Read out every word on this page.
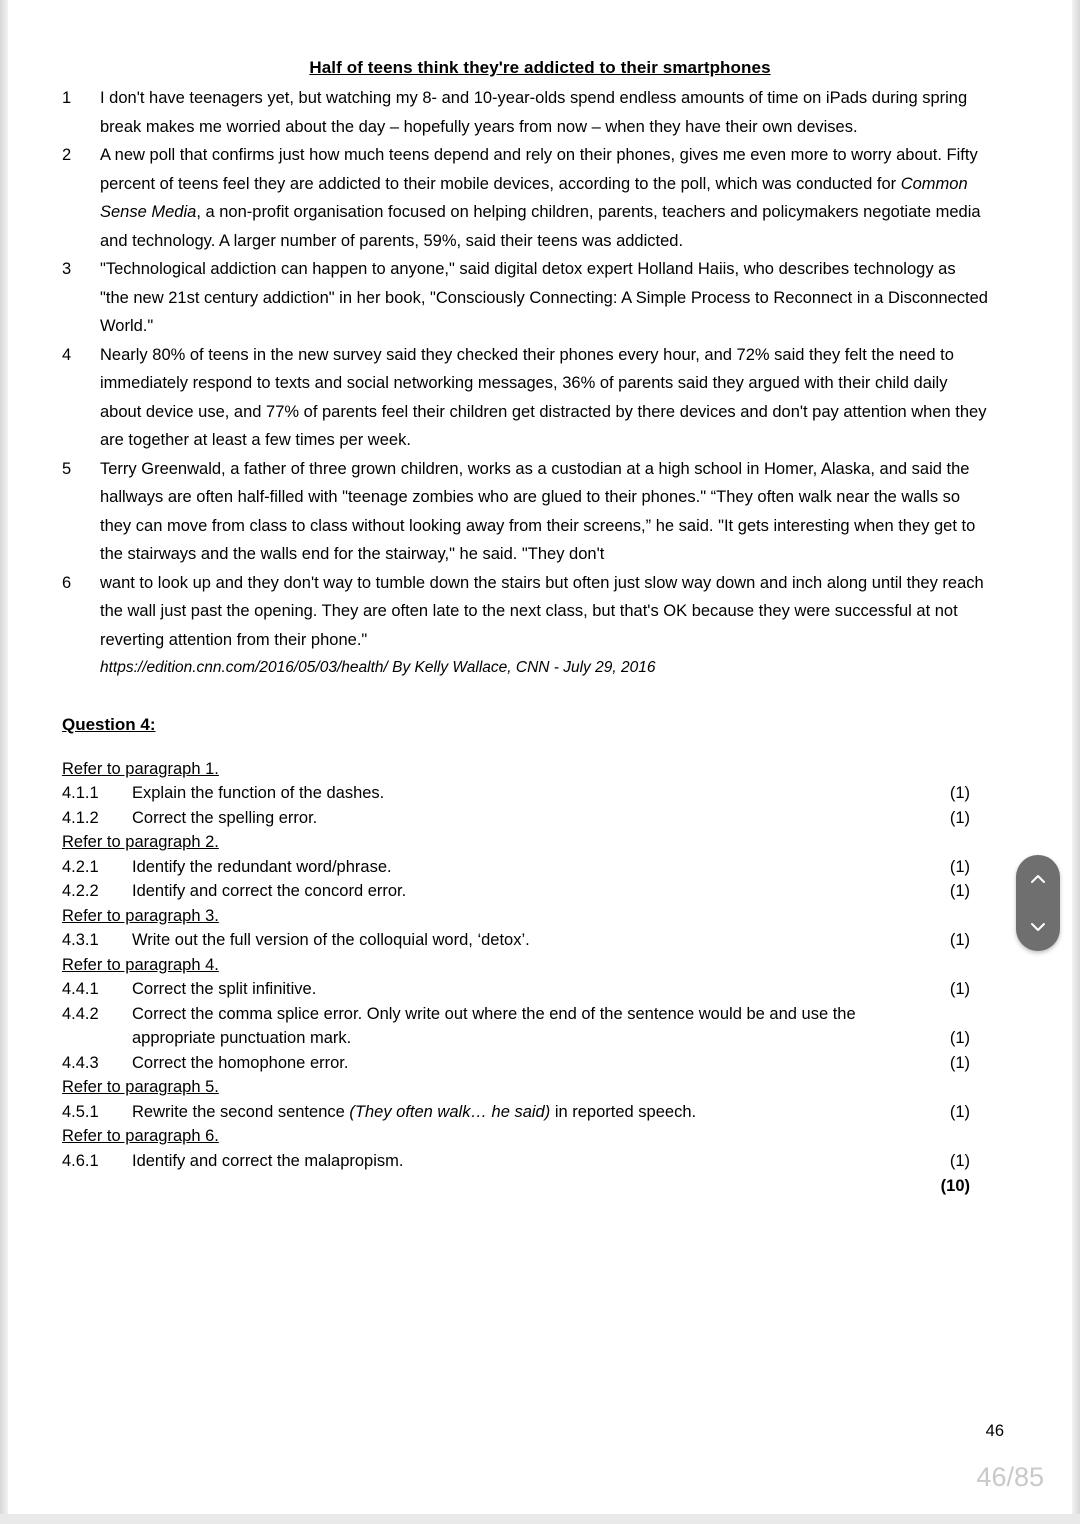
Half of teens think they're addicted to their smartphones
1	I don't have teenagers yet, but watching my 8- and 10-year-olds spend endless amounts of time on iPads during spring break makes me worried about the day – hopefully years from now – when they have their own devises.
2	A new poll that confirms just how much teens depend and rely on their phones, gives me even more to worry about. Fifty percent of teens feel they are addicted to their mobile devices, according to the poll, which was conducted for Common Sense Media, a non-profit organisation focused on helping children, parents, teachers and policymakers negotiate media and technology. A larger number of parents, 59%, said their teens was addicted.
3	"Technological addiction can happen to anyone," said digital detox expert Holland Haiis, who describes technology as "the new 21st century addiction" in her book, "Consciously Connecting: A Simple Process to Reconnect in a Disconnected World."
4	Nearly 80% of teens in the new survey said they checked their phones every hour, and 72% said they felt the need to immediately respond to texts and social networking messages, 36% of parents said they argued with their child daily about device use, and 77% of parents feel their children get distracted by there devices and don't pay attention when they are together at least a few times per week.
5	Terry Greenwald, a father of three grown children, works as a custodian at a high school in Homer, Alaska, and said the hallways are often half-filled with "teenage zombies who are glued to their phones." “They often walk near the walls so they can move from class to class without looking away from their screens,” he said. "It gets interesting when they get to the stairways and the walls end for the stairway," he said. "They don't
6	want to look up and they don't way to tumble down the stairs but often just slow way down and inch along until they reach the wall just past the opening. They are often late to the next class, but that's OK because they were successful at not reverting attention from their phone."
https://edition.cnn.com/2016/05/03/health/ By Kelly Wallace, CNN - July 29, 2016
Question 4:
Refer to paragraph 1.
4.1.1	Explain the function of the dashes.	(1)
4.1.2	Correct the spelling error.	(1)
Refer to paragraph 2.
4.2.1	Identify the redundant word/phrase.	(1)
4.2.2	Identify and correct the concord error.	(1)
Refer to paragraph 3.
4.3.1	Write out the full version of the colloquial word, ‘detox’.	(1)
Refer to paragraph 4.
4.4.1	Correct the split infinitive.	(1)
4.4.2	Correct the comma splice error. Only write out where the end of the sentence would be and use the
appropriate punctuation mark.	(1)
4.4.3	Correct the homophone error.	(1)
Refer to paragraph 5.
4.5.1	Rewrite the second sentence (They often walk… he said) in reported speech.	(1)
Refer to paragraph 6.
4.6.1	Identify and correct the malapropism.	(1)
(10)
46
46/85
